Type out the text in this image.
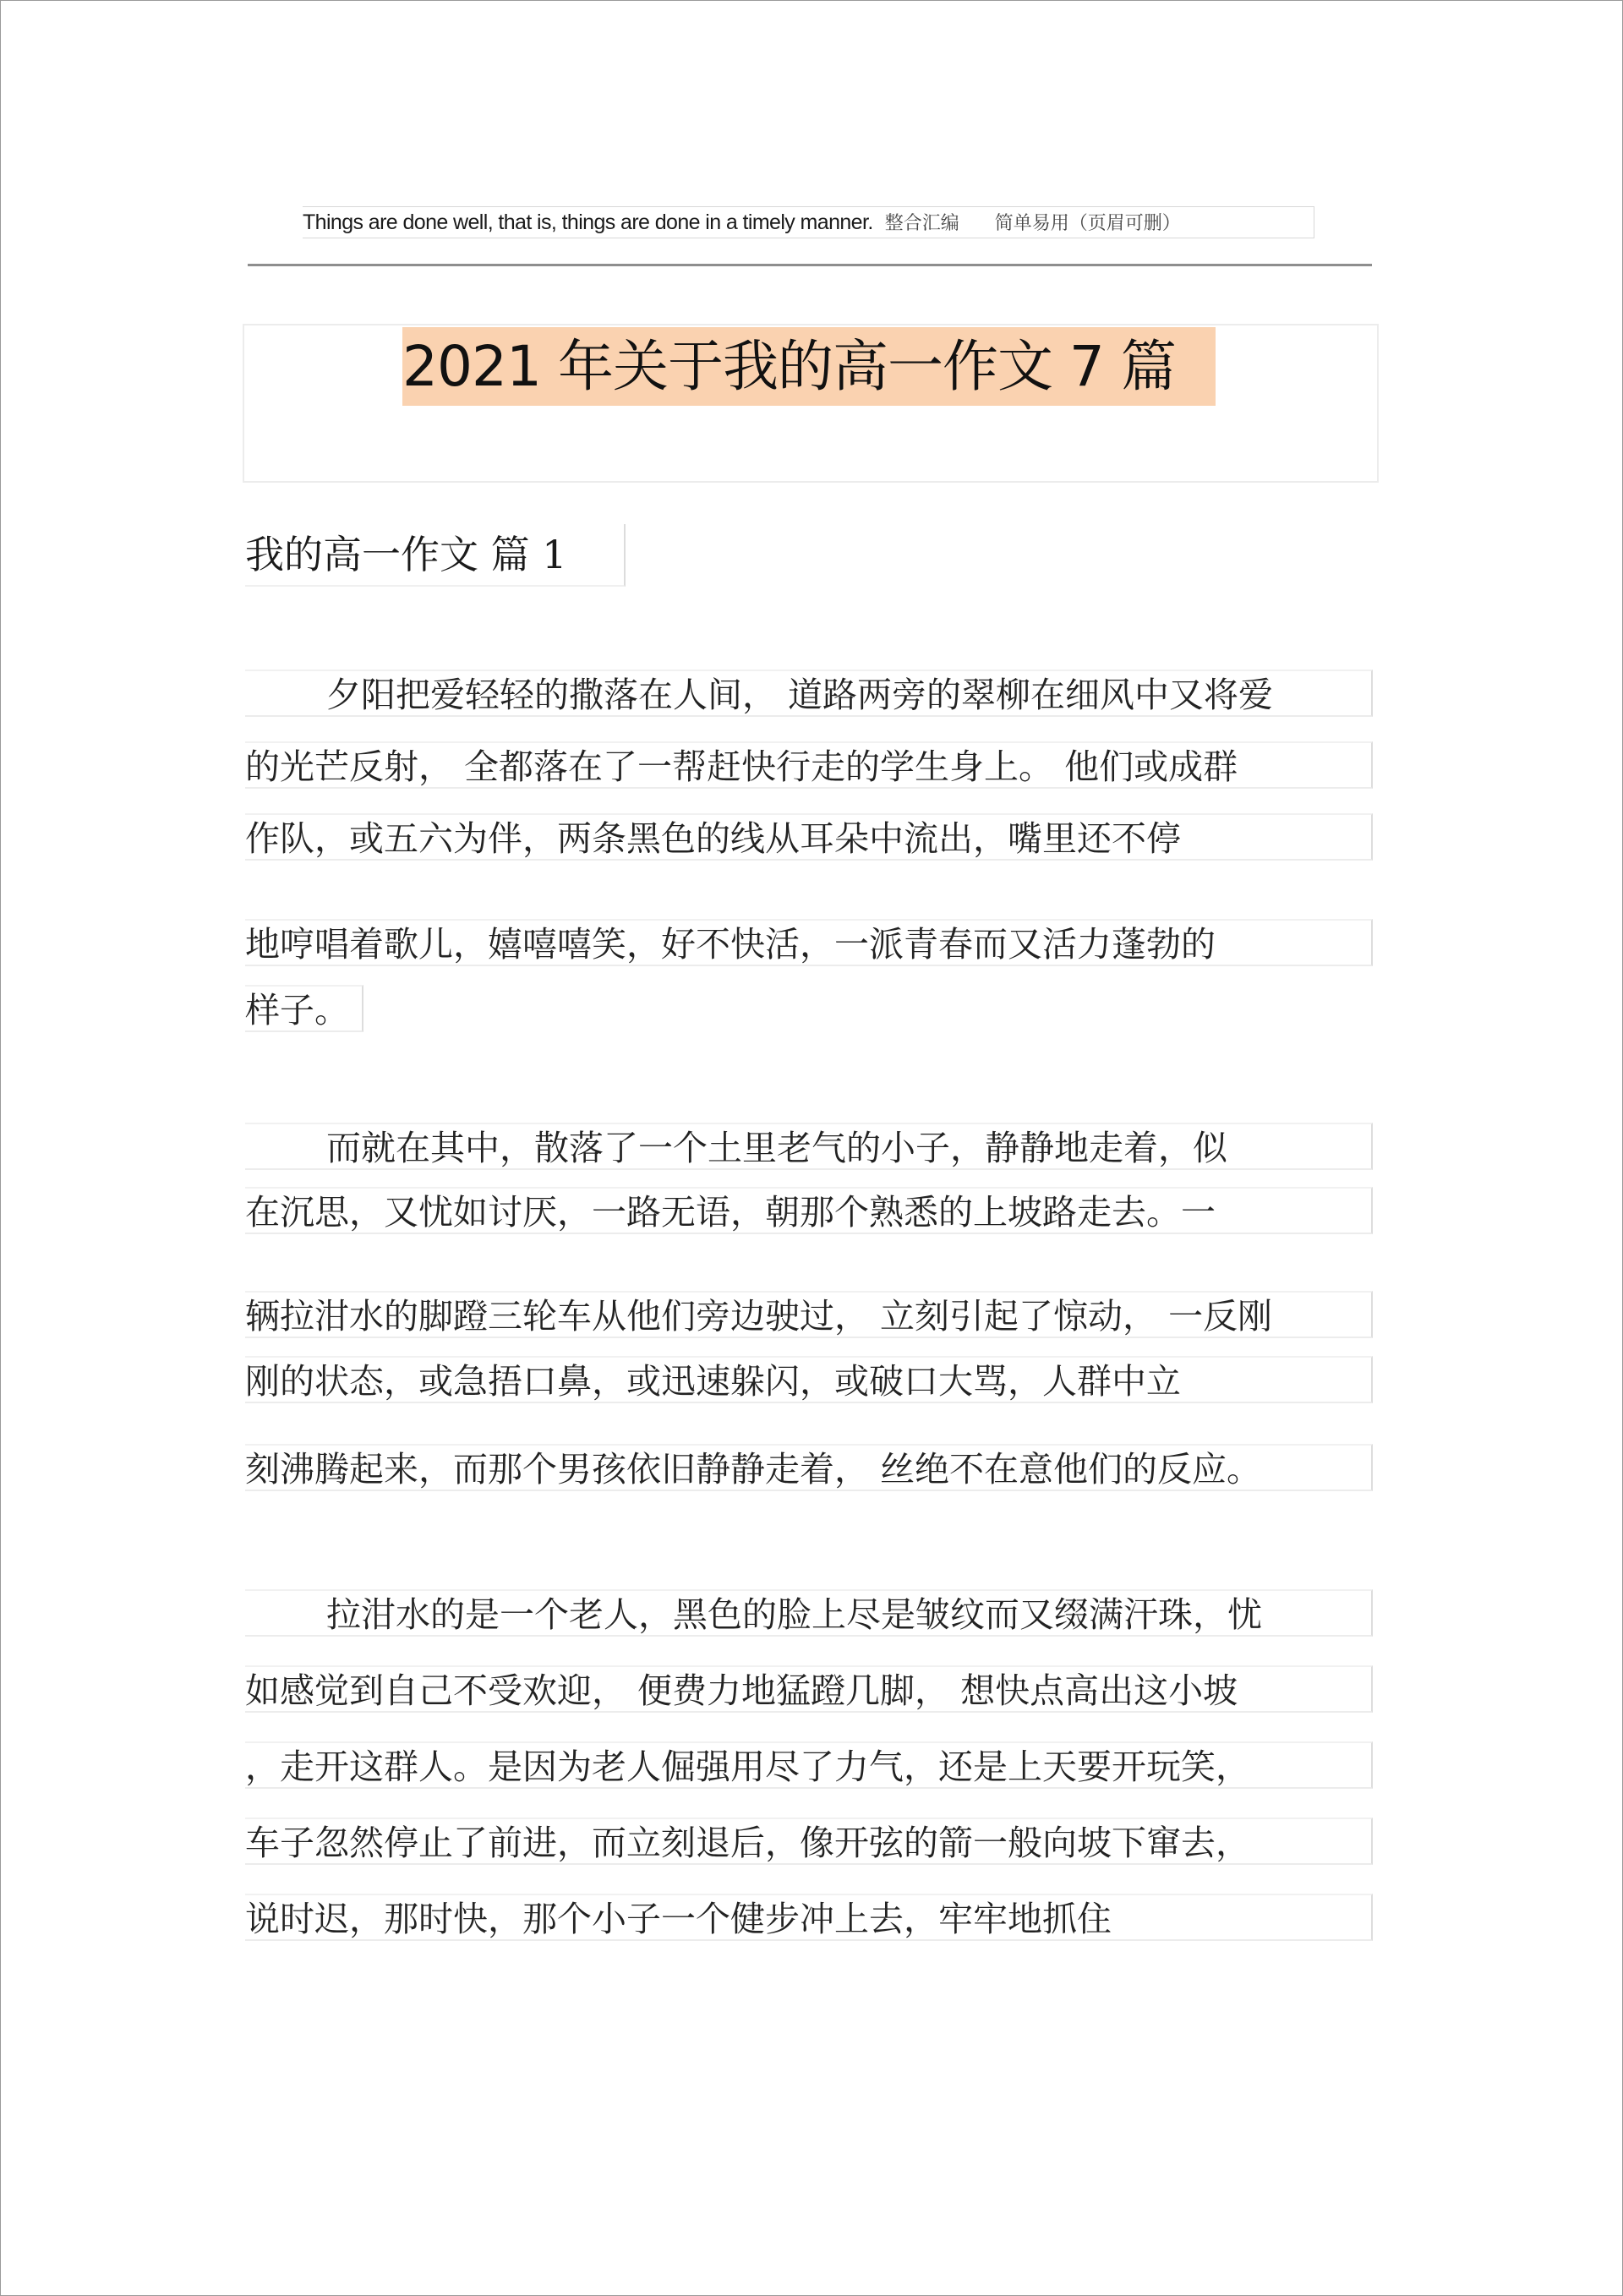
Things are done well, that is, things are done in a timely manner. 整合汇编 简单易用（页眉可删）
2021 年关于我的高一作文 7 篇
我的高一作文 篇 1
夕阳把爱轻轻的撒落在人间， 道路两旁的翠柳在细风中又将爱
的光芒反射， 全都落在了一帮赶快行走的学生身上。 他们或成群
作队，或五六为伴，两条黑色的线从耳朵中流出，嘴里还不停
地哼唱着歌儿，嬉嘻嘻笑，好不快活，一派青春而又活力蓬勃的
样子。
而就在其中，散落了一个土里老气的小子，静静地走着，似
在沉思，又忧如讨厌，一路无语，朝那个熟悉的上坡路走去。一
辆拉泔水的脚蹬三轮车从他们旁边驶过， 立刻引起了惊动， 一反刚
刚的状态，或急捂口鼻，或迅速躲闪，或破口大骂，人群中立
刻沸腾起来，而那个男孩依旧静静走着， 丝绝不在意他们的反应。
拉泔水的是一个老人，黑色的脸上尽是皱纹而又缀满汗珠，忧
如感觉到自己不受欢迎， 便费力地猛蹬几脚， 想快点高出这小坡
，走开这群人。是因为老人倔强用尽了力气，还是上天要开玩笑，
车子忽然停止了前进，而立刻退后，像开弦的箭一般向坡下窜去，
说时迟，那时快，那个小子一个健步冲上去，牢牢地抓住
